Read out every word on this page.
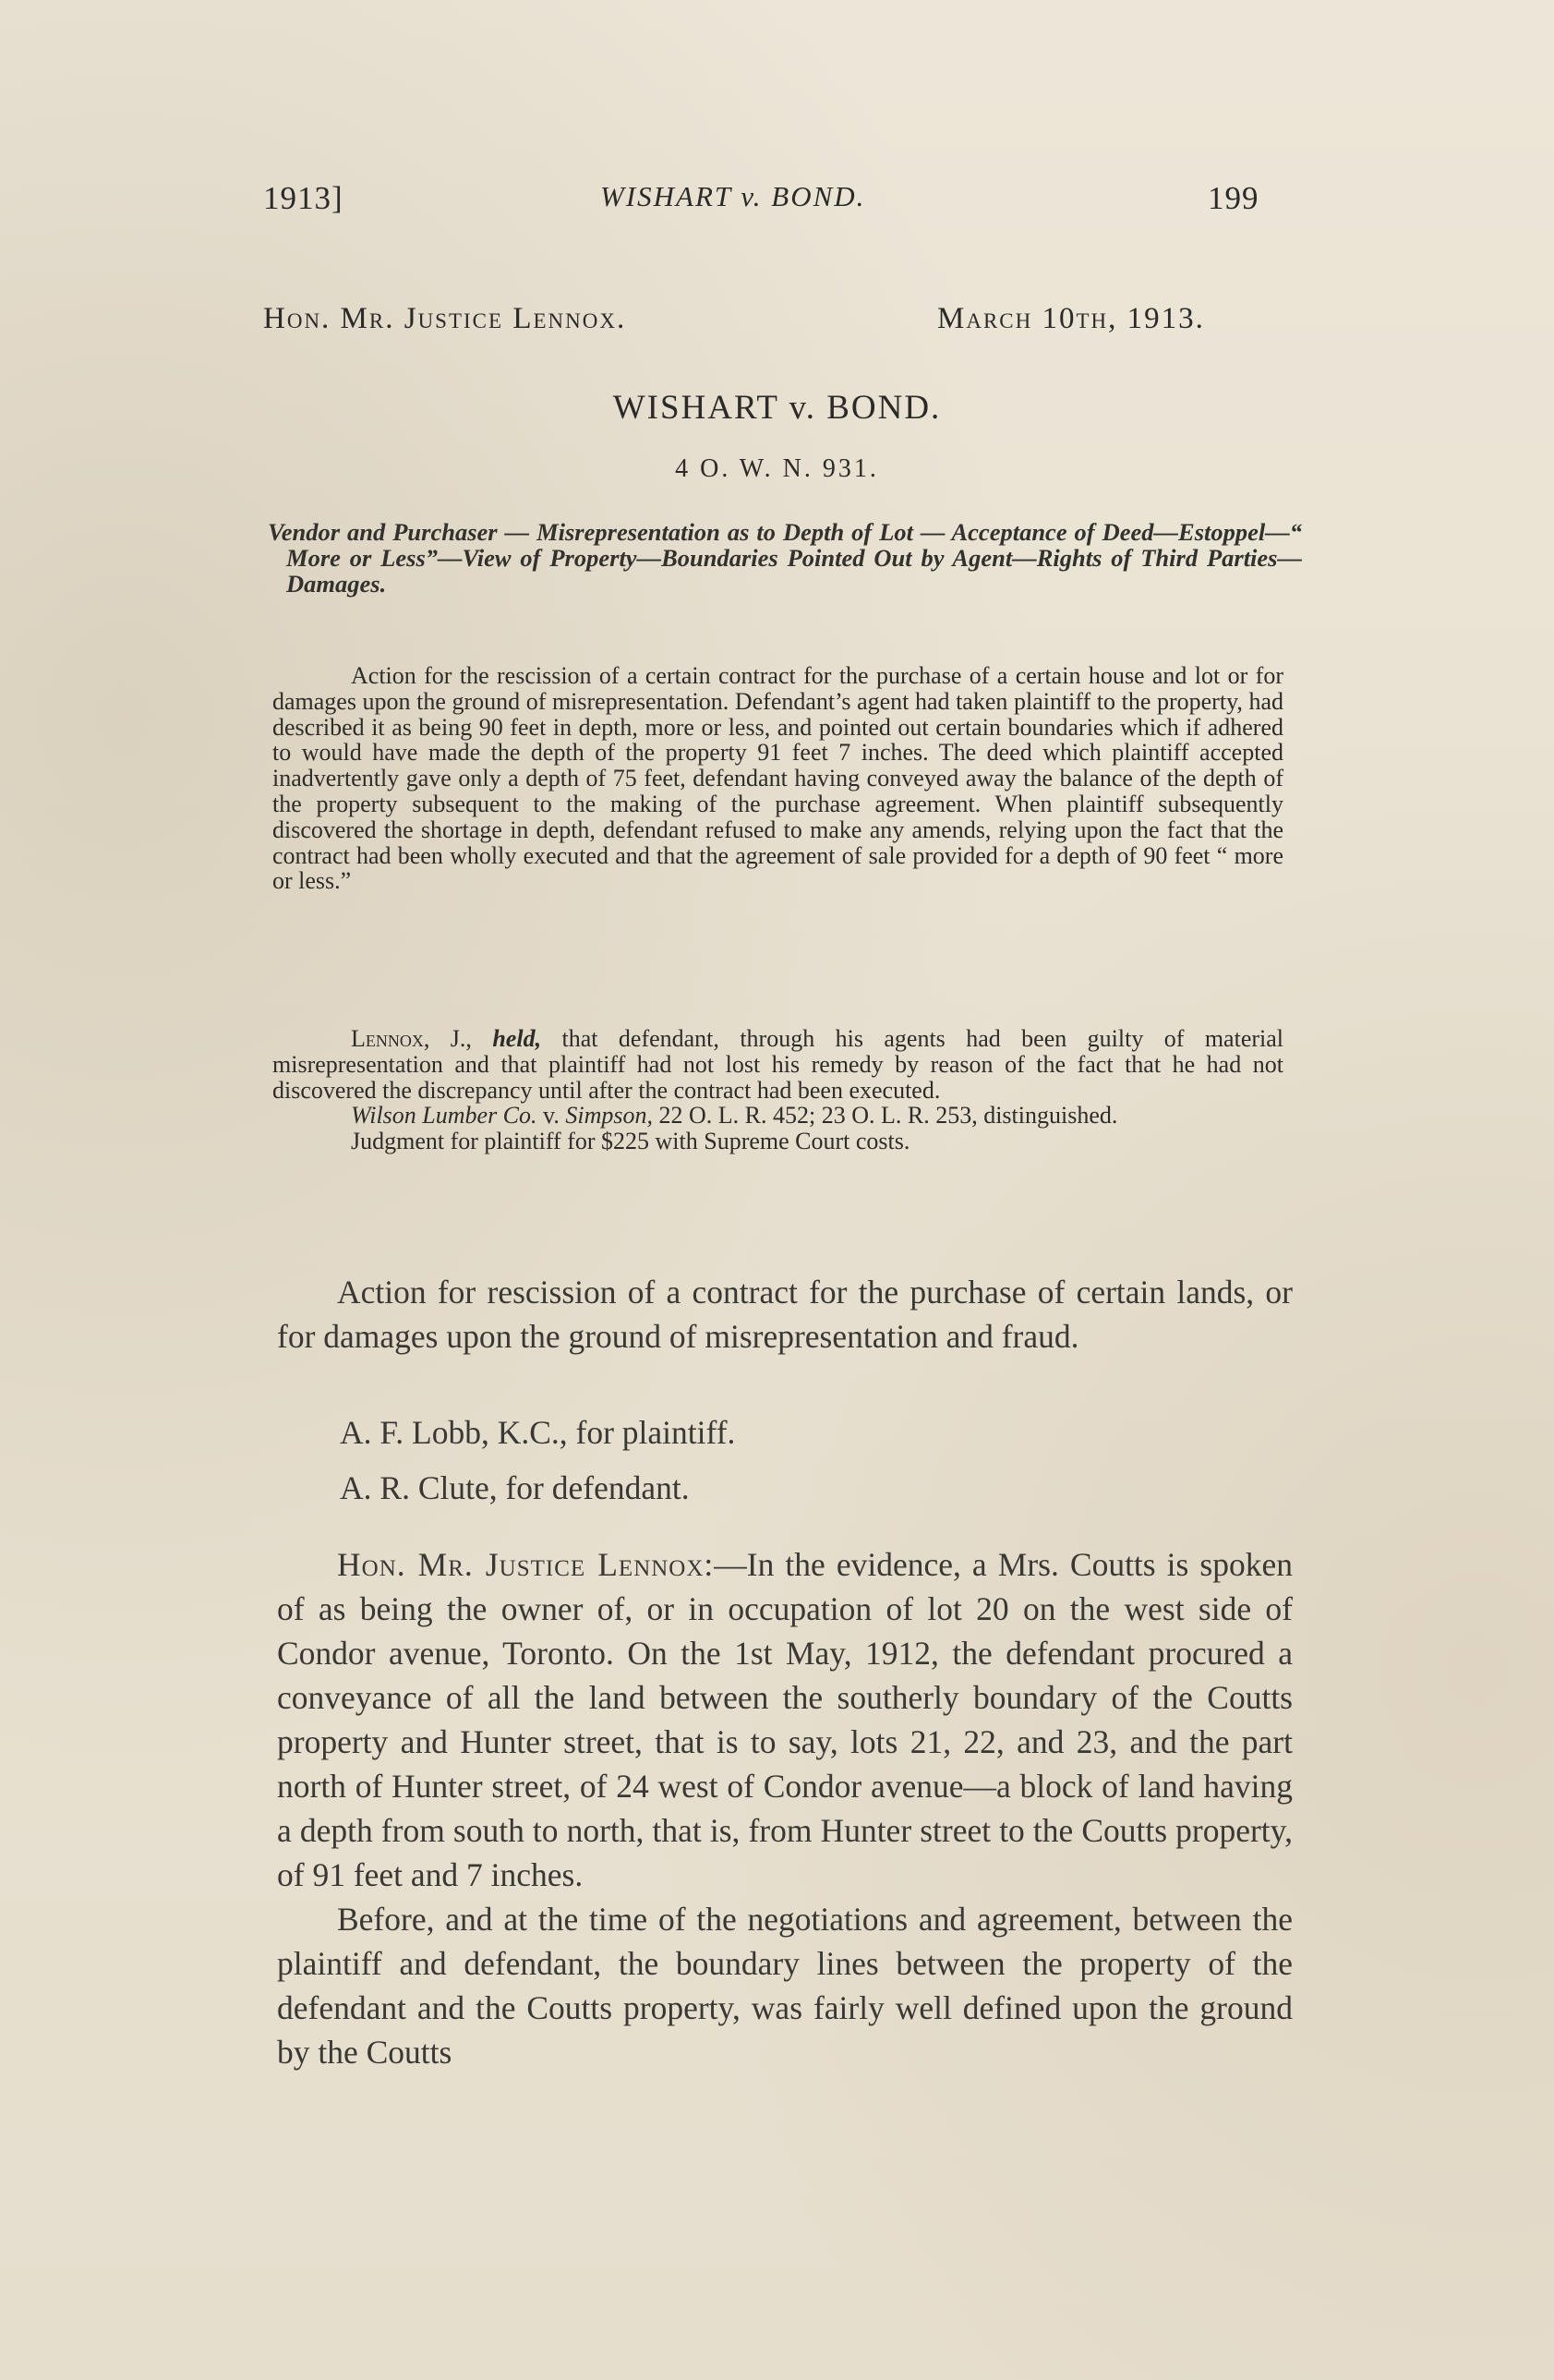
1913]	WISHART v. BOND.	199
Hon. Mr. Justice Lennox.	March 10th, 1913.
WISHART v. BOND.
4 O. W. N. 931.
Vendor and Purchaser — Misrepresentation as to Depth of Lot — Acceptance of Deed—Estoppel—“ More or Less”—View of Property—Boundaries Pointed Out by Agent—Rights of Third Parties—Damages.

Action for the rescission of a certain contract for the purchase of a certain house and lot or for damages upon the ground of misrepresentation. Defendant’s agent had taken plaintiff to the property, had described it as being 90 feet in depth, more or less, and pointed out certain boundaries which if adhered to would have made the depth of the property 91 feet 7 inches. The deed which plaintiff accepted inadvertently gave only a depth of 75 feet, defendant having conveyed away the balance of the depth of the property subsequent to the making of the purchase agreement. When plaintiff subsequently discovered the shortage in depth, defendant refused to make any amends, relying upon the fact that the contract had been wholly executed and that the agreement of sale provided for a depth of 90 feet “ more or less.”

Lennox, J., held, that defendant, through his agents had been guilty of material misrepresentation and that plaintiff had not lost his remedy by reason of the fact that he had not discovered the discrepancy until after the contract had been executed.

Wilson Lumber Co. v. Simpson, 22 O. L. R. 452; 23 O. L. R. 253, distinguished.

Judgment for plaintiff for $225 with Supreme Court costs.

Action for rescission of a contract for the purchase of certain lands, or for damages upon the ground of misrepresentation and fraud.

A. F. Lobb, K.C., for plaintiff.
A. R. Clute, for defendant.

Hon. Mr. Justice Lennox:—In the evidence, a Mrs. Coutts is spoken of as being the owner of, or in occupation of lot 20 on the west side of Condor avenue, Toronto. On the 1st May, 1912, the defendant procured a conveyance of all the land between the southerly boundary of the Coutts property and Hunter street, that is to say, lots 21, 22, and 23, and the part north of Hunter street, of 24 west of Condor avenue—a block of land having a depth from south to north, that is, from Hunter street to the Coutts property, of 91 feet and 7 inches.

Before, and at the time of the negotiations and agreement, between the plaintiff and defendant, the boundary lines between the property of the defendant and the Coutts property, was fairly well defined upon the ground by the Coutts
